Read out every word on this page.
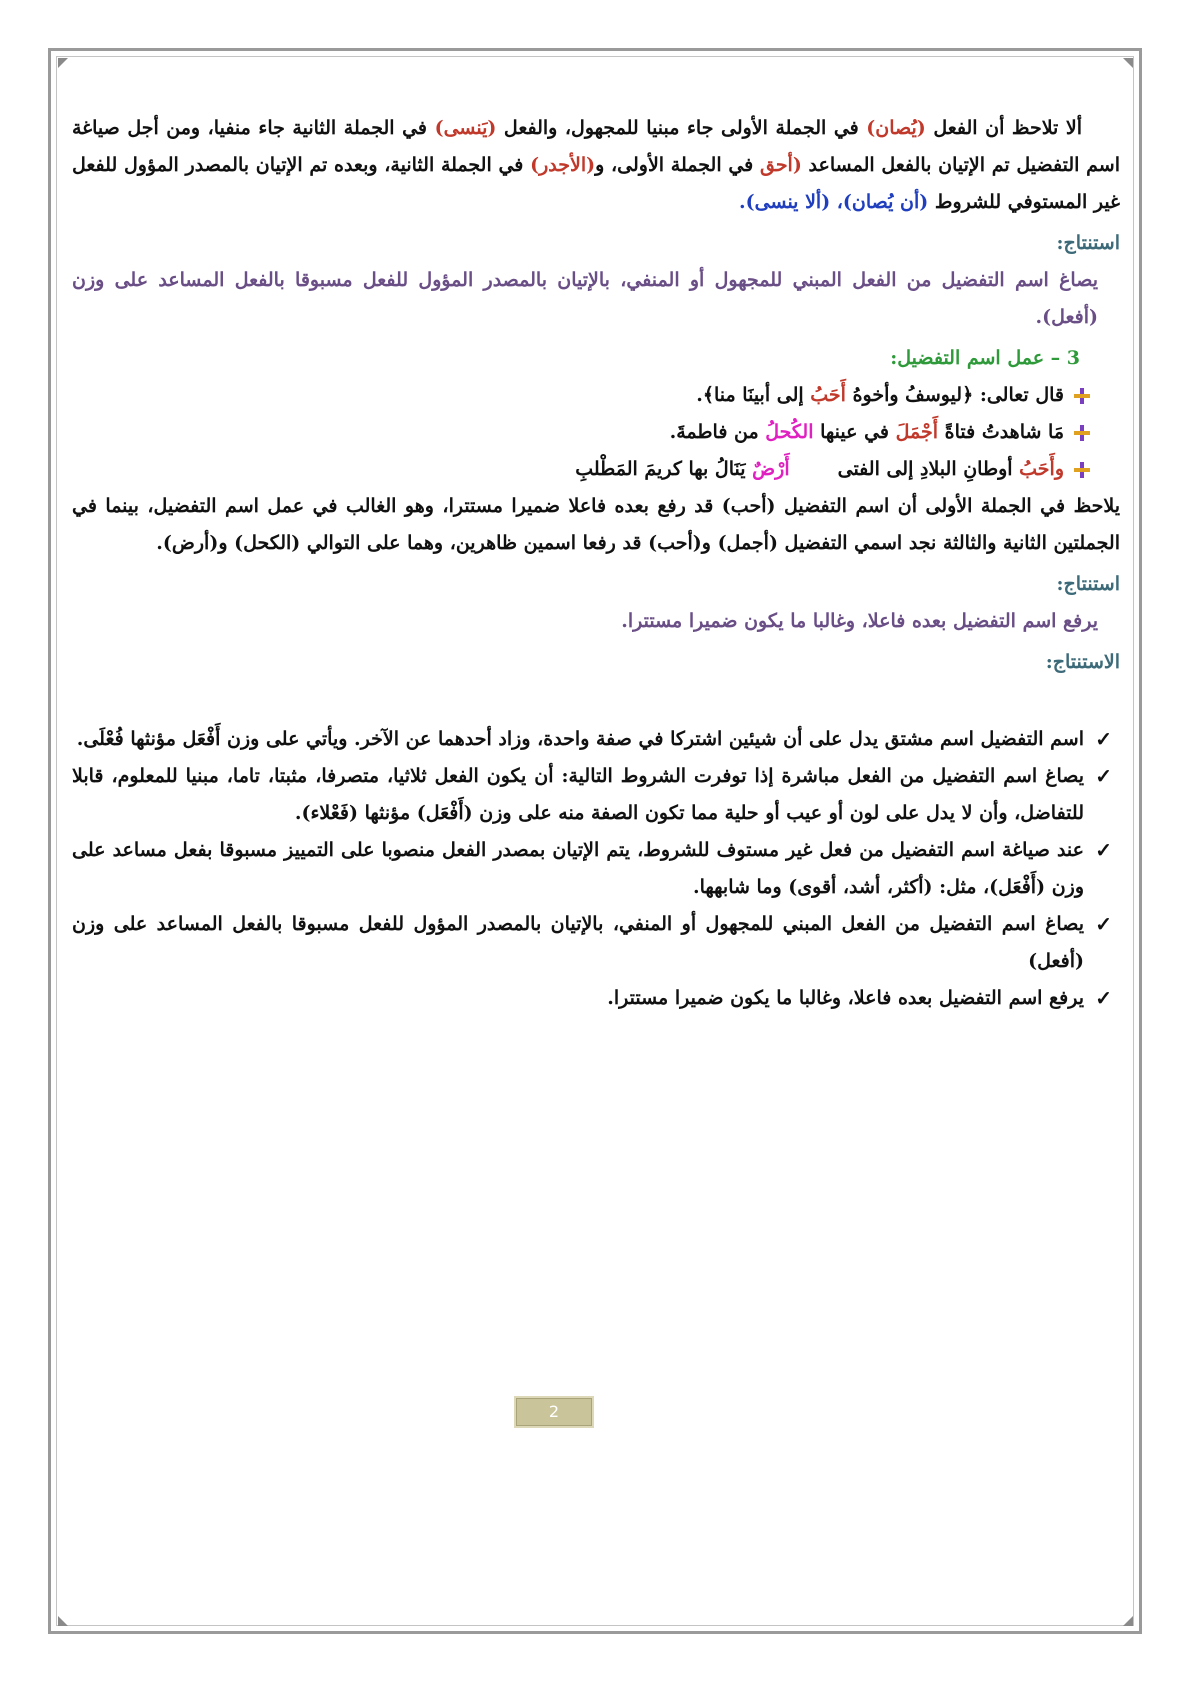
ألا تلاحظ أن الفعل (يُصان) في الجملة الأولى جاء مبنيا للمجهول، والفعل (يَنسى) في الجملة الثانية جاء منفيا، ومن أجل صياغة اسم التفضيل تم الإتيان بالفعل المساعد (أحق في الجملة الأولى، و(الأجدر) في الجملة الثانية، وبعده تم الإتيان بالمصدر المؤول للفعل غير المستوفي للشروط (أن يُصان)، (ألا ينسى).

استنتاج:

يصاغ اسم التفضيل من الفعل المبني للمجهول أو المنفي، بالإتيان بالمصدر المؤول للفعل مسبوقا بالفعل المساعد على وزن (أفعل).

3 – عمل اسم التفضيل:

قال تعالى: ﴿ليوسفُ وأخوهُ أَحَبُ إلى أبينَا منا﴾.
مَا شاهدتُ فتاةً أَجْمَلَ في عينها الكُحلُ من فاطمةَ.
وأَحَبُ أوطانِ البلادِ إلى الفتىأَرْضٌ يَنَالُ بها كريمَ المَطْلبِ

يلاحظ في الجملة الأولى أن اسم التفضيل (أحب) قد رفع بعده فاعلا ضميرا مستترا، وهو الغالب في عمل اسم التفضيل، بينما في الجملتين الثانية والثالثة نجد اسمي التفضيل (أجمل) و(أحب) قد رفعا اسمين ظاهرين، وهما على التوالي (الكحل) و(أرض).

استنتاج:

يرفع اسم التفضيل بعده فاعلا، وغالبا ما يكون ضميرا مستترا.

الاستنتاج:

✓
اسم التفضيل اسم مشتق يدل على أن شيئين اشتركا في صفة واحدة، وزاد أحدهما عن الآخر. ويأتي على وزن أَفْعَل مؤنثها فُعْلَى.
✓
يصاغ اسم التفضيل من الفعل مباشرة إذا توفرت الشروط التالية: أن يكون الفعل ثلاثيا، متصرفا، مثبتا، تاما، مبنيا للمعلوم، قابلا للتفاضل، وأن لا يدل على لون أو عيب أو حلية مما تكون الصفة منه على وزن (أَفْعَل) مؤنثها (فَعْلاء).
✓
عند صياغة اسم التفضيل من فعل غير مستوف للشروط، يتم الإتيان بمصدر الفعل منصوبا على التمييز مسبوقا بفعل مساعد على وزن (أَفْعَل)، مثل: (أكثر، أشد، أقوى) وما شابهها.
✓
يصاغ اسم التفضيل من الفعل المبني للمجهول أو المنفي، بالإتيان بالمصدر المؤول للفعل مسبوقا بالفعل المساعد على وزن (أفعل)
✓
يرفع اسم التفضيل بعده فاعلا، وغالبا ما يكون ضميرا مستترا.
2
